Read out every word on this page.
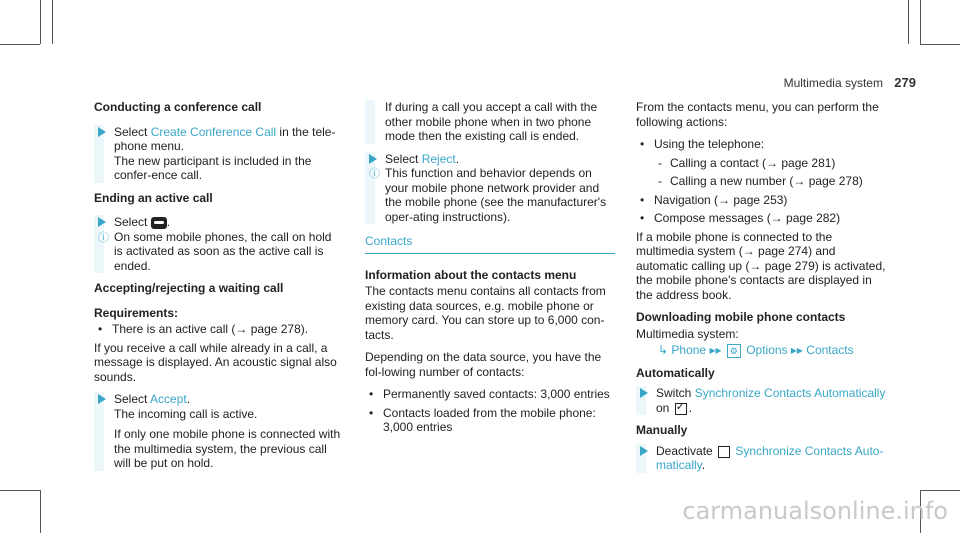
Multimedia system 279
Conducting a conference call
Select Create Conference Call in the tele-phone menu.
The new participant is included in the confer-ence call.
Ending an active call
Select .
ⓘ On some mobile phones, the call on hold is activated as soon as the active call is ended.
Accepting/rejecting a waiting call
Requirements:
• There is an active call (→ page 278).
If you receive a call while already in a call, a message is displayed. An acoustic signal also sounds.
Select Accept.
The incoming call is active.
If only one mobile phone is connected with the multimedia system, the previous call will be put on hold.
If during a call you accept a call with the other mobile phone when in two phone mode then the existing call is ended.
Select Reject.
ⓘ This function and behavior depends on your mobile phone network provider and the mobile phone (see the manufacturer's oper-ating instructions).
Contacts
Information about the contacts menu
The contacts menu contains all contacts from existing data sources, e.g. mobile phone or memory card. You can store up to 6,000 con-tacts.
Depending on the data source, you have the fol-lowing number of contacts:
• Permanently saved contacts: 3,000 entries
• Contacts loaded from the mobile phone: 3,000 entries
From the contacts menu, you can perform the following actions:
• Using the telephone:
- Calling a contact (→ page 281)
- Calling a new number (→ page 278)
• Navigation (→ page 253)
• Compose messages (→ page 282)
If a mobile phone is connected to the multimedia system (→ page 274) and automatic calling up (→ page 279) is activated, the mobile phone's contacts are displayed in the address book.
Downloading mobile phone contacts
Multimedia system:
↳ Phone ▸▸ ⚙ Options ▸▸ Contacts
Automatically
Switch Synchronize Contacts Automatically
on ✓ .
Manually
Deactivate  Synchronize Contacts Auto-matically.
carmanualsonline.info
